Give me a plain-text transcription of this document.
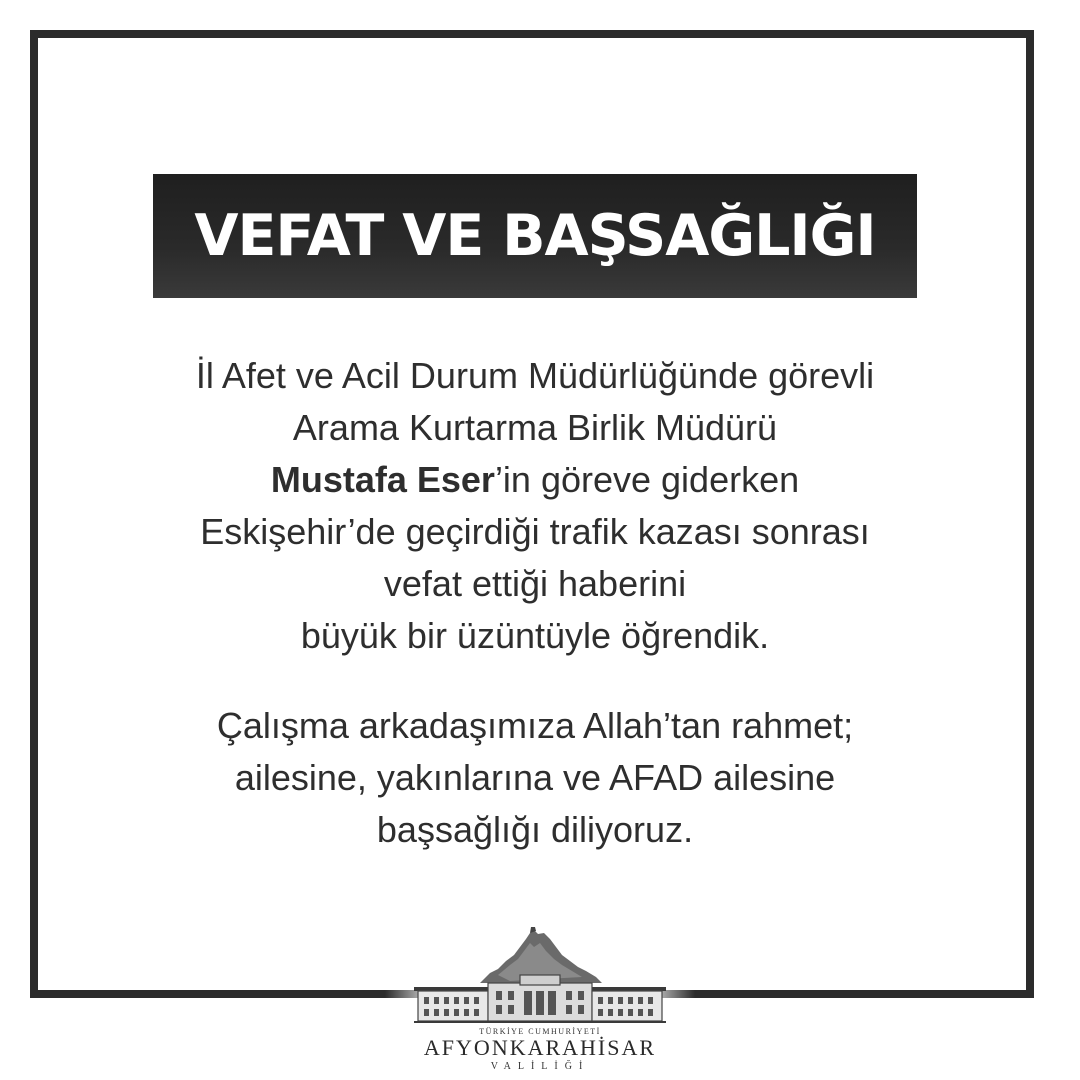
VEFAT VE BAŞSAĞLIĞI
İl Afet ve Acil Durum Müdürlüğünde görevli
Arama Kurtarma Birlik Müdürü
Mustafa Eser’in göreve giderken
Eskişehir’de geçirdiği trafik kazası sonrası
vefat ettiği haberini
büyük bir üzüntüyle öğrendik.
Çalışma arkadaşımıza Allah’tan rahmet;
ailesine, yakınlarına ve AFAD ailesine
başsağlığı diliyoruz.
TÜRKİYE CUMHURİYETİ
AFYONKARAHİSAR
VALİLİĞİ
